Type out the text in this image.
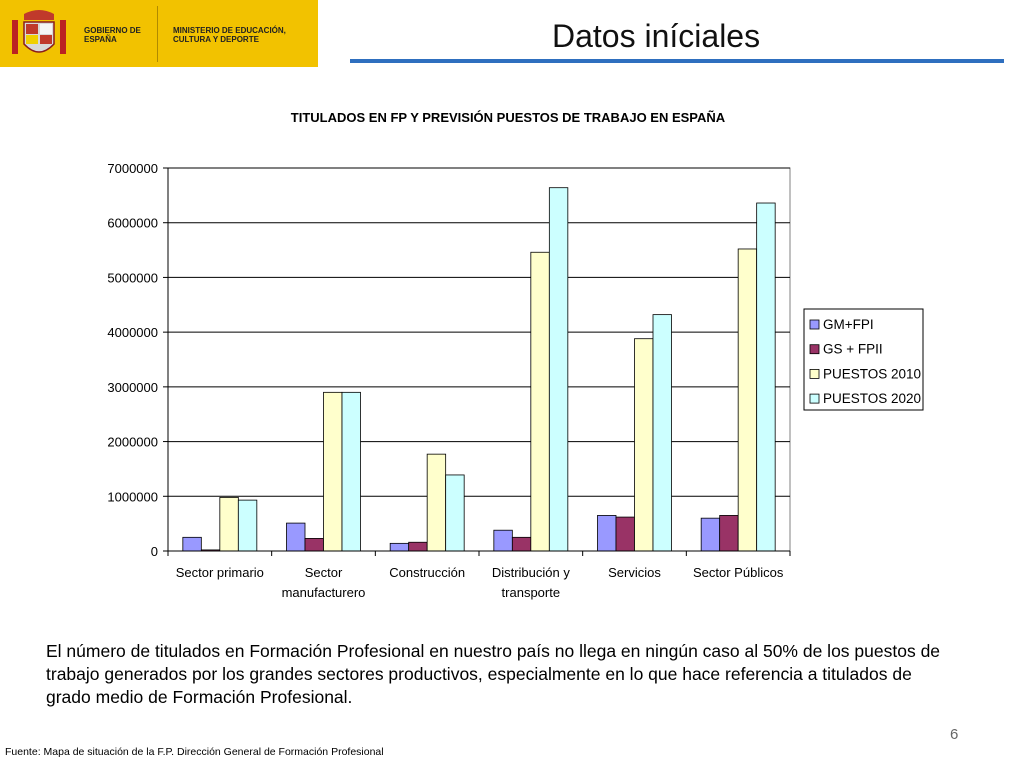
GOBIERNO DE ESPAÑA
MINISTERIO DE EDUCACIÓN, CULTURA Y DEPORTE	Datos iníciales
TITULADOS EN FP Y PREVISIÓN PUESTOS DE TRABAJO EN ESPAÑA
0
1000000
2000000
3000000
4000000
5000000
6000000
7000000
Sector primario	Sector manufacturero
Construcción Distribución y transporte
Servicios Sector Públicos
GM+FPI
GS + FPII
PUESTOS 2010
PUESTOS 2020
El número de titulados en Formación Profesional en nuestro país no llega en ningún caso al 50% de los puestos de trabajo generados por los grandes sectores productivos, especialmente en lo que hace referencia a titulados de grado medio de Formación Profesional.
6
Fuente: Mapa de situación de la F.P. Dirección General de Formación Profesional
